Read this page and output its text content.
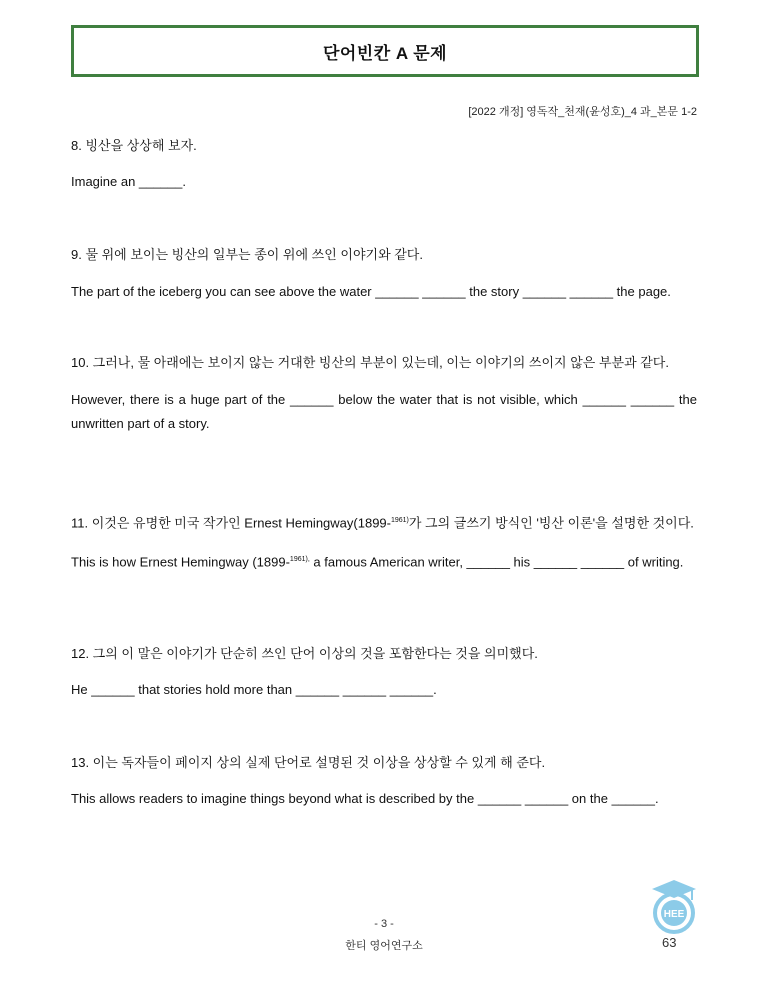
단어빈칸 A 문제
[2022 개정] 영독작_천재(윤성호)_4 과_본문 1-2

8. 빙산을 상상해 보자.

Imagine an ______.

9. 물 위에 보이는 빙산의 일부는 종이 위에 쓰인 이야기와 같다.

The part of the iceberg you can see above the water ______ ______ the story ______ ______ the page.

10. 그러나, 물 아래에는 보이지 않는 거대한 빙산의 부분이 있는데, 이는 이야기의 쓰이지 않은 부분과 같다.

However, there is a huge part of the ______ below the water that is not visible, which ______ ______ the unwritten part of a story.

11. 이것은 유명한 미국 작가인 Ernest Hemingway(1899-$^{1961)}$가 그의 글쓰기 방식인 '빙산 이론'을 설명한 것이다.

This is how Ernest Hemingway (1899-$^{1961),}$ a famous American writer, ______ his ______ ______ of writing.

12. 그의 이 말은 이야기가 단순히 쓰인 단어 이상의 것을 포함한다는 것을 의미했다.

He ______ that stories hold more than ______ ______ ______.

13. 이는 독자들이 페이지 상의 실제 단어로 설명된 것 이상을 상상할 수 있게 해 준다.

This allows readers to imagine things beyond what is described by the ______ ______ on the ______.

HEE
- 3 -
한티 영어연구소	63
